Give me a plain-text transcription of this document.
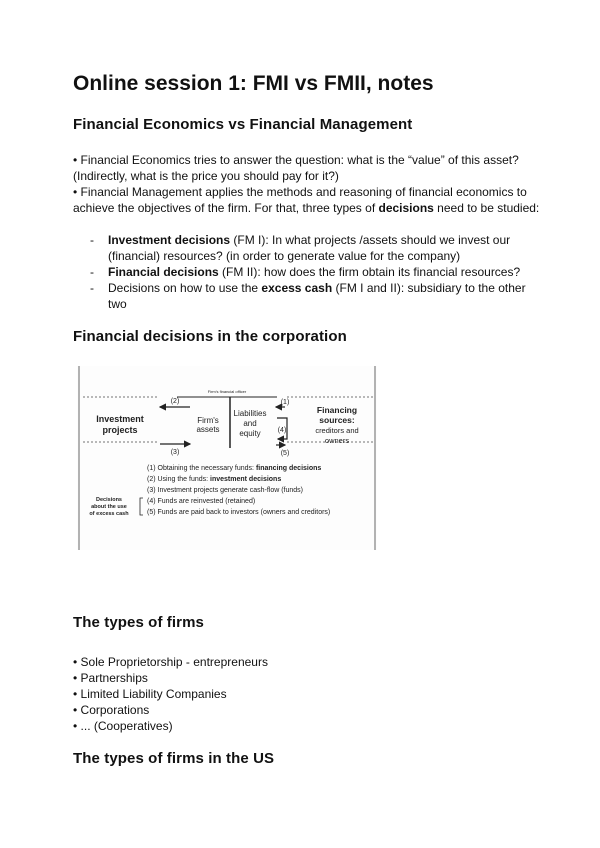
Online session 1: FMI vs FMII, notes
Financial Economics vs Financial Management

• Financial Economics tries to answer the question: what is the “value” of this asset? (Indirectly, what is the price you should pay for it?)

• Financial Management applies the methods and reasoning of financial economics to achieve the objectives of the firm. For that, three types of decisions need to be studied:

- Investment decisions (FM I): In what projects /assets should we invest our (financial) resources? (in order to generate value for the company)
- Financial decisions (FM II): how does the firm obtain its financial resources?
- Decisions on how to use the excess cash (FM I and II): subsidiary to the other two
Financial decisions in the corporation
Firm's financial officer
Investment
projects
Financing
sources:
creditors and
owners
Firm's
assets
Liabilities
and
equity
(2)
(3)
(1)
(4)
(5)
(1) Obtaining the necessary funds: financing decisions
(2) Using the funds: investment decisions
(3) Investment projects generate cash-flow (funds)
(4) Funds are reinvested (retained)
(5) Funds are paid back to investors (owners and creditors)
Decisions
about the use
of excess cash
The types of firms

• Sole Proprietorship - entrepreneurs

• Partnerships

• Limited Liability Companies

• Corporations

• ... (Cooperatives)

The types of firms in the US
